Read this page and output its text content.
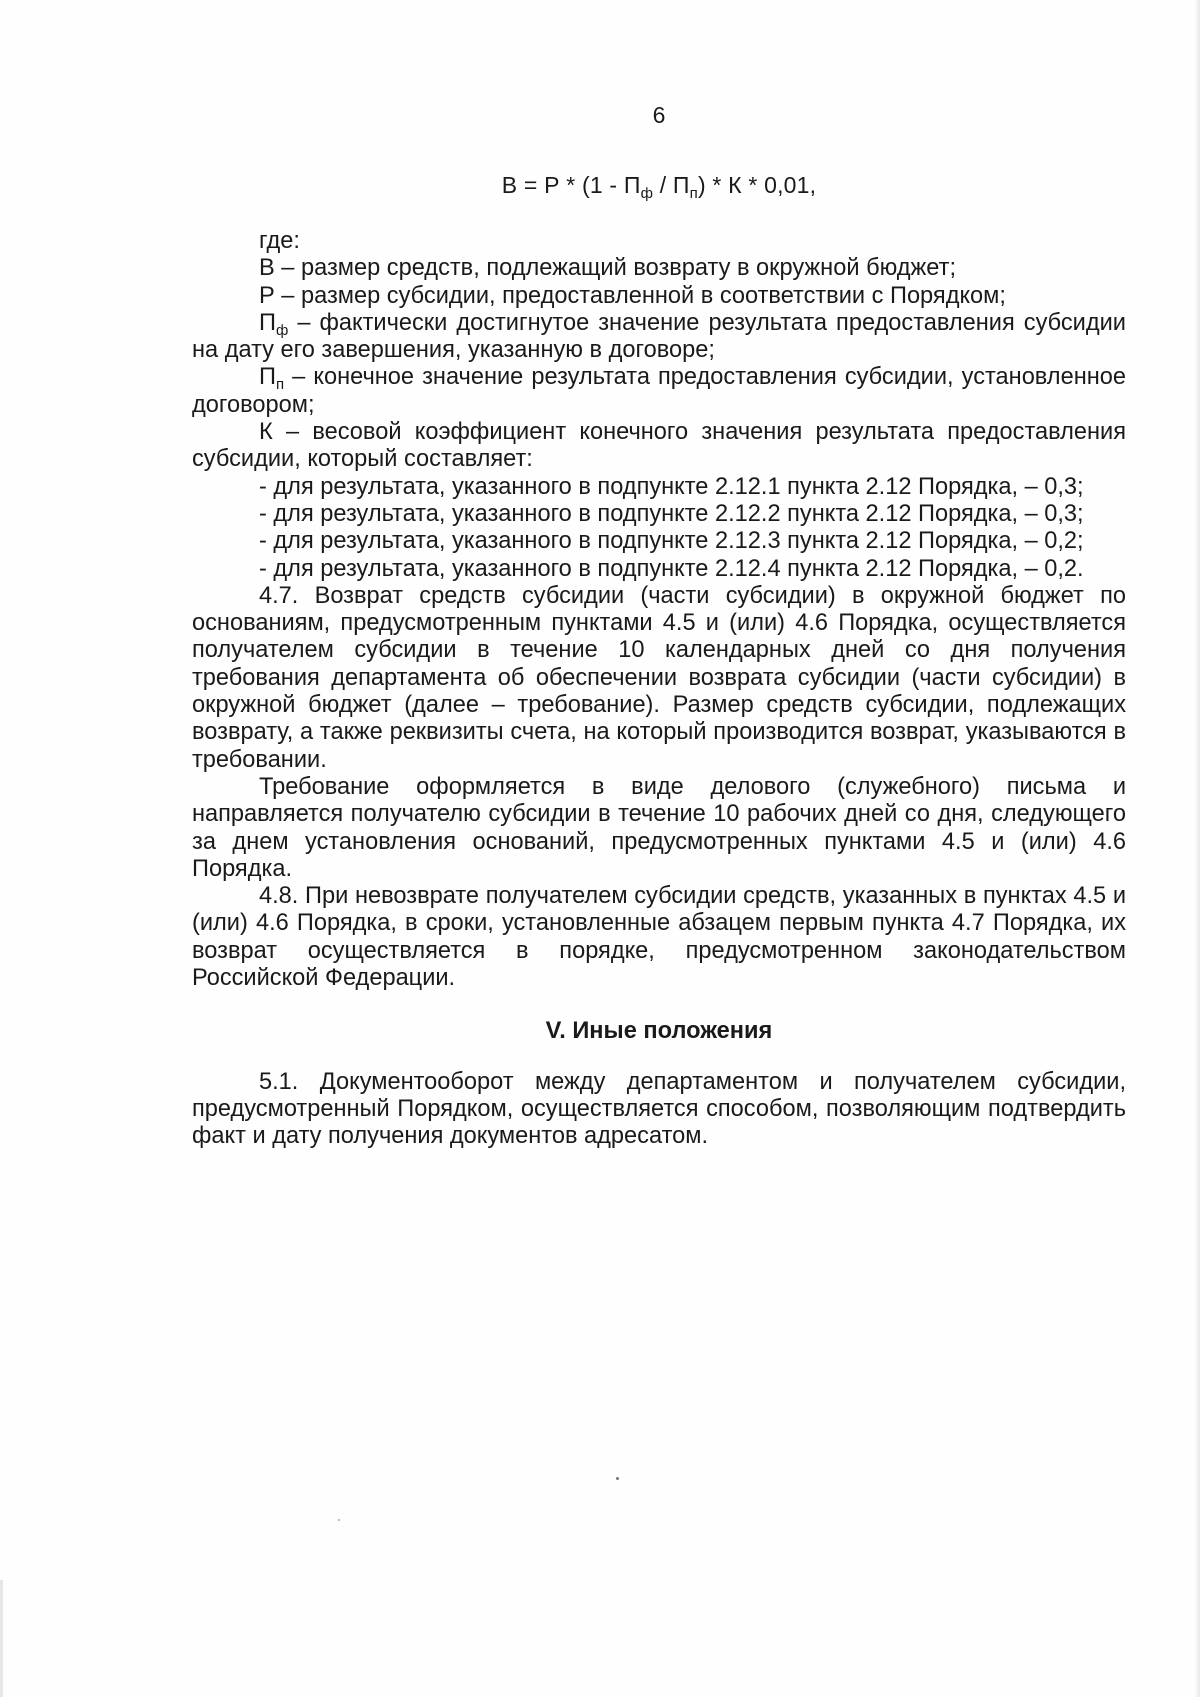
6
$В = Р * (1 - П_ф / П_п) * К * 0,01$,

где:

В – размер средств, подлежащий возврату в окружной бюджет;

Р – размер субсидии, предоставленной в соответствии с Порядком;

$П_ф$ – фактически достигнутое значение результата предоставления субсидии на дату его завершения, указанную в договоре;

$П_п$ – конечное значение результата предоставления субсидии, установленное договором;

К – весовой коэффициент конечного значения результата предоставления субсидии, который составляет:

- для результата, указанного в подпункте 2.12.1 пункта 2.12 Порядка, – 0,3;

- для результата, указанного в подпункте 2.12.2 пункта 2.12 Порядка, – 0,3;

- для результата, указанного в подпункте 2.12.3 пункта 2.12 Порядка, – 0,2;

- для результата, указанного в подпункте 2.12.4 пункта 2.12 Порядка, – 0,2.

4.7. Возврат средств субсидии (части субсидии) в окружной бюджет по основаниям, предусмотренным пунктами 4.5 и (или) 4.6 Порядка, осуществляется получателем субсидии в течение 10 календарных дней со дня получения требования департамента об обеспечении возврата субсидии (части субсидии) в окружной бюджет (далее – требование). Размер средств субсидии, подлежащих возврату, а также реквизиты счета, на который производится возврат, указываются в требовании.

Требование оформляется в виде делового (служебного) письма и направляется получателю субсидии в течение 10 рабочих дней со дня, следующего за днем установления оснований, предусмотренных пунктами 4.5 и (или) 4.6 Порядка.

4.8. При невозврате получателем субсидии средств, указанных в пунктах 4.5 и (или) 4.6 Порядка, в сроки, установленные абзацем первым пункта 4.7 Порядка, их возврат осуществляется в порядке, предусмотренном законодательством Российской Федерации.

V. Иные положения

5.1. Документооборот между департаментом и получателем субсидии, предусмотренный Порядком, осуществляется способом, позволяющим подтвердить факт и дату получения документов адресатом.
